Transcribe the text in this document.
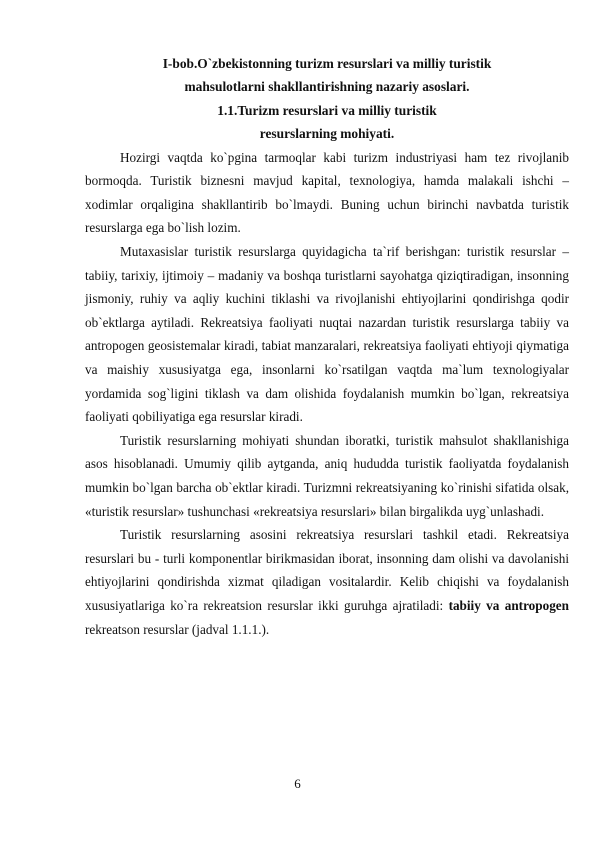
I-bob.O`zbekistonning turizm resurslari va milliy turistik
mahsulotlarni shakllantirishning nazariy asoslari.
1.1.Turizm resurslari va milliy turistik
resurslarning mohiyati.

Hozirgi vaqtda ko`pgina tarmoqlar kabi turizm industriyasi ham tez rivojlanib bormoqda. Turistik biznesni mavjud kapital, texnologiya, hamda malakali ishchi – xodimlar orqaligina shakllantirib bo`lmaydi. Buning uchun birinchi navbatda turistik resurslarga ega bo`lish lozim.

Mutaxasislar turistik resurslarga quyidagicha ta`rif berishgan: turistik resurslar – tabiiy, tarixiy, ijtimoiy – madaniy va boshqa turistlarni sayohatga qiziqtiradigan, insonning jismoniy, ruhiy va aqliy kuchini tiklashi va rivojlanishi ehtiyojlarini qondirishga qodir ob`ektlarga aytiladi. Rekreatsiya faoliyati nuqtai nazardan turistik resurslarga tabiiy va antropogen geosistemalar kiradi, tabiat manzaralari, rekreatsiya faoliyati ehtiyoji qiymatiga va maishiy xususiyatga ega, insonlarni ko`rsatilgan vaqtda ma`lum texnologiyalar yordamida sog`ligini tiklash va dam olishida foydalanish mumkin bo`lgan, rekreatsiya faoliyati qobiliyatiga ega resurslar kiradi.

Turistik resurslarning mohiyati shundan iboratki, turistik mahsulot shakllanishiga asos hisoblanadi. Umumiy qilib aytganda, aniq hududda turistik faoliyatda foydalanish mumkin bo`lgan barcha ob`ektlar kiradi. Turizmni rekreatsiyaning ko`rinishi sifatida olsak, «turistik resurslar» tushunchasi «rekreatsiya resurslari» bilan birgalikda uyg`unlashadi.

Turistik resurslarning asosini rekreatsiya resurslari tashkil etadi. Rekreatsiya resurslari bu - turli komponentlar birikmasidan iborat, insonning dam olishi va davolanishi ehtiyojlarini qondirishda xizmat qiladigan vositalardir. Kelib chiqishi va foydalanish xususiyatlariga ko`ra rekreatsion resurslar ikki guruhga ajratiladi: tabiiy va antropogen rekreatson resurslar (jadval 1.1.1.).

6
